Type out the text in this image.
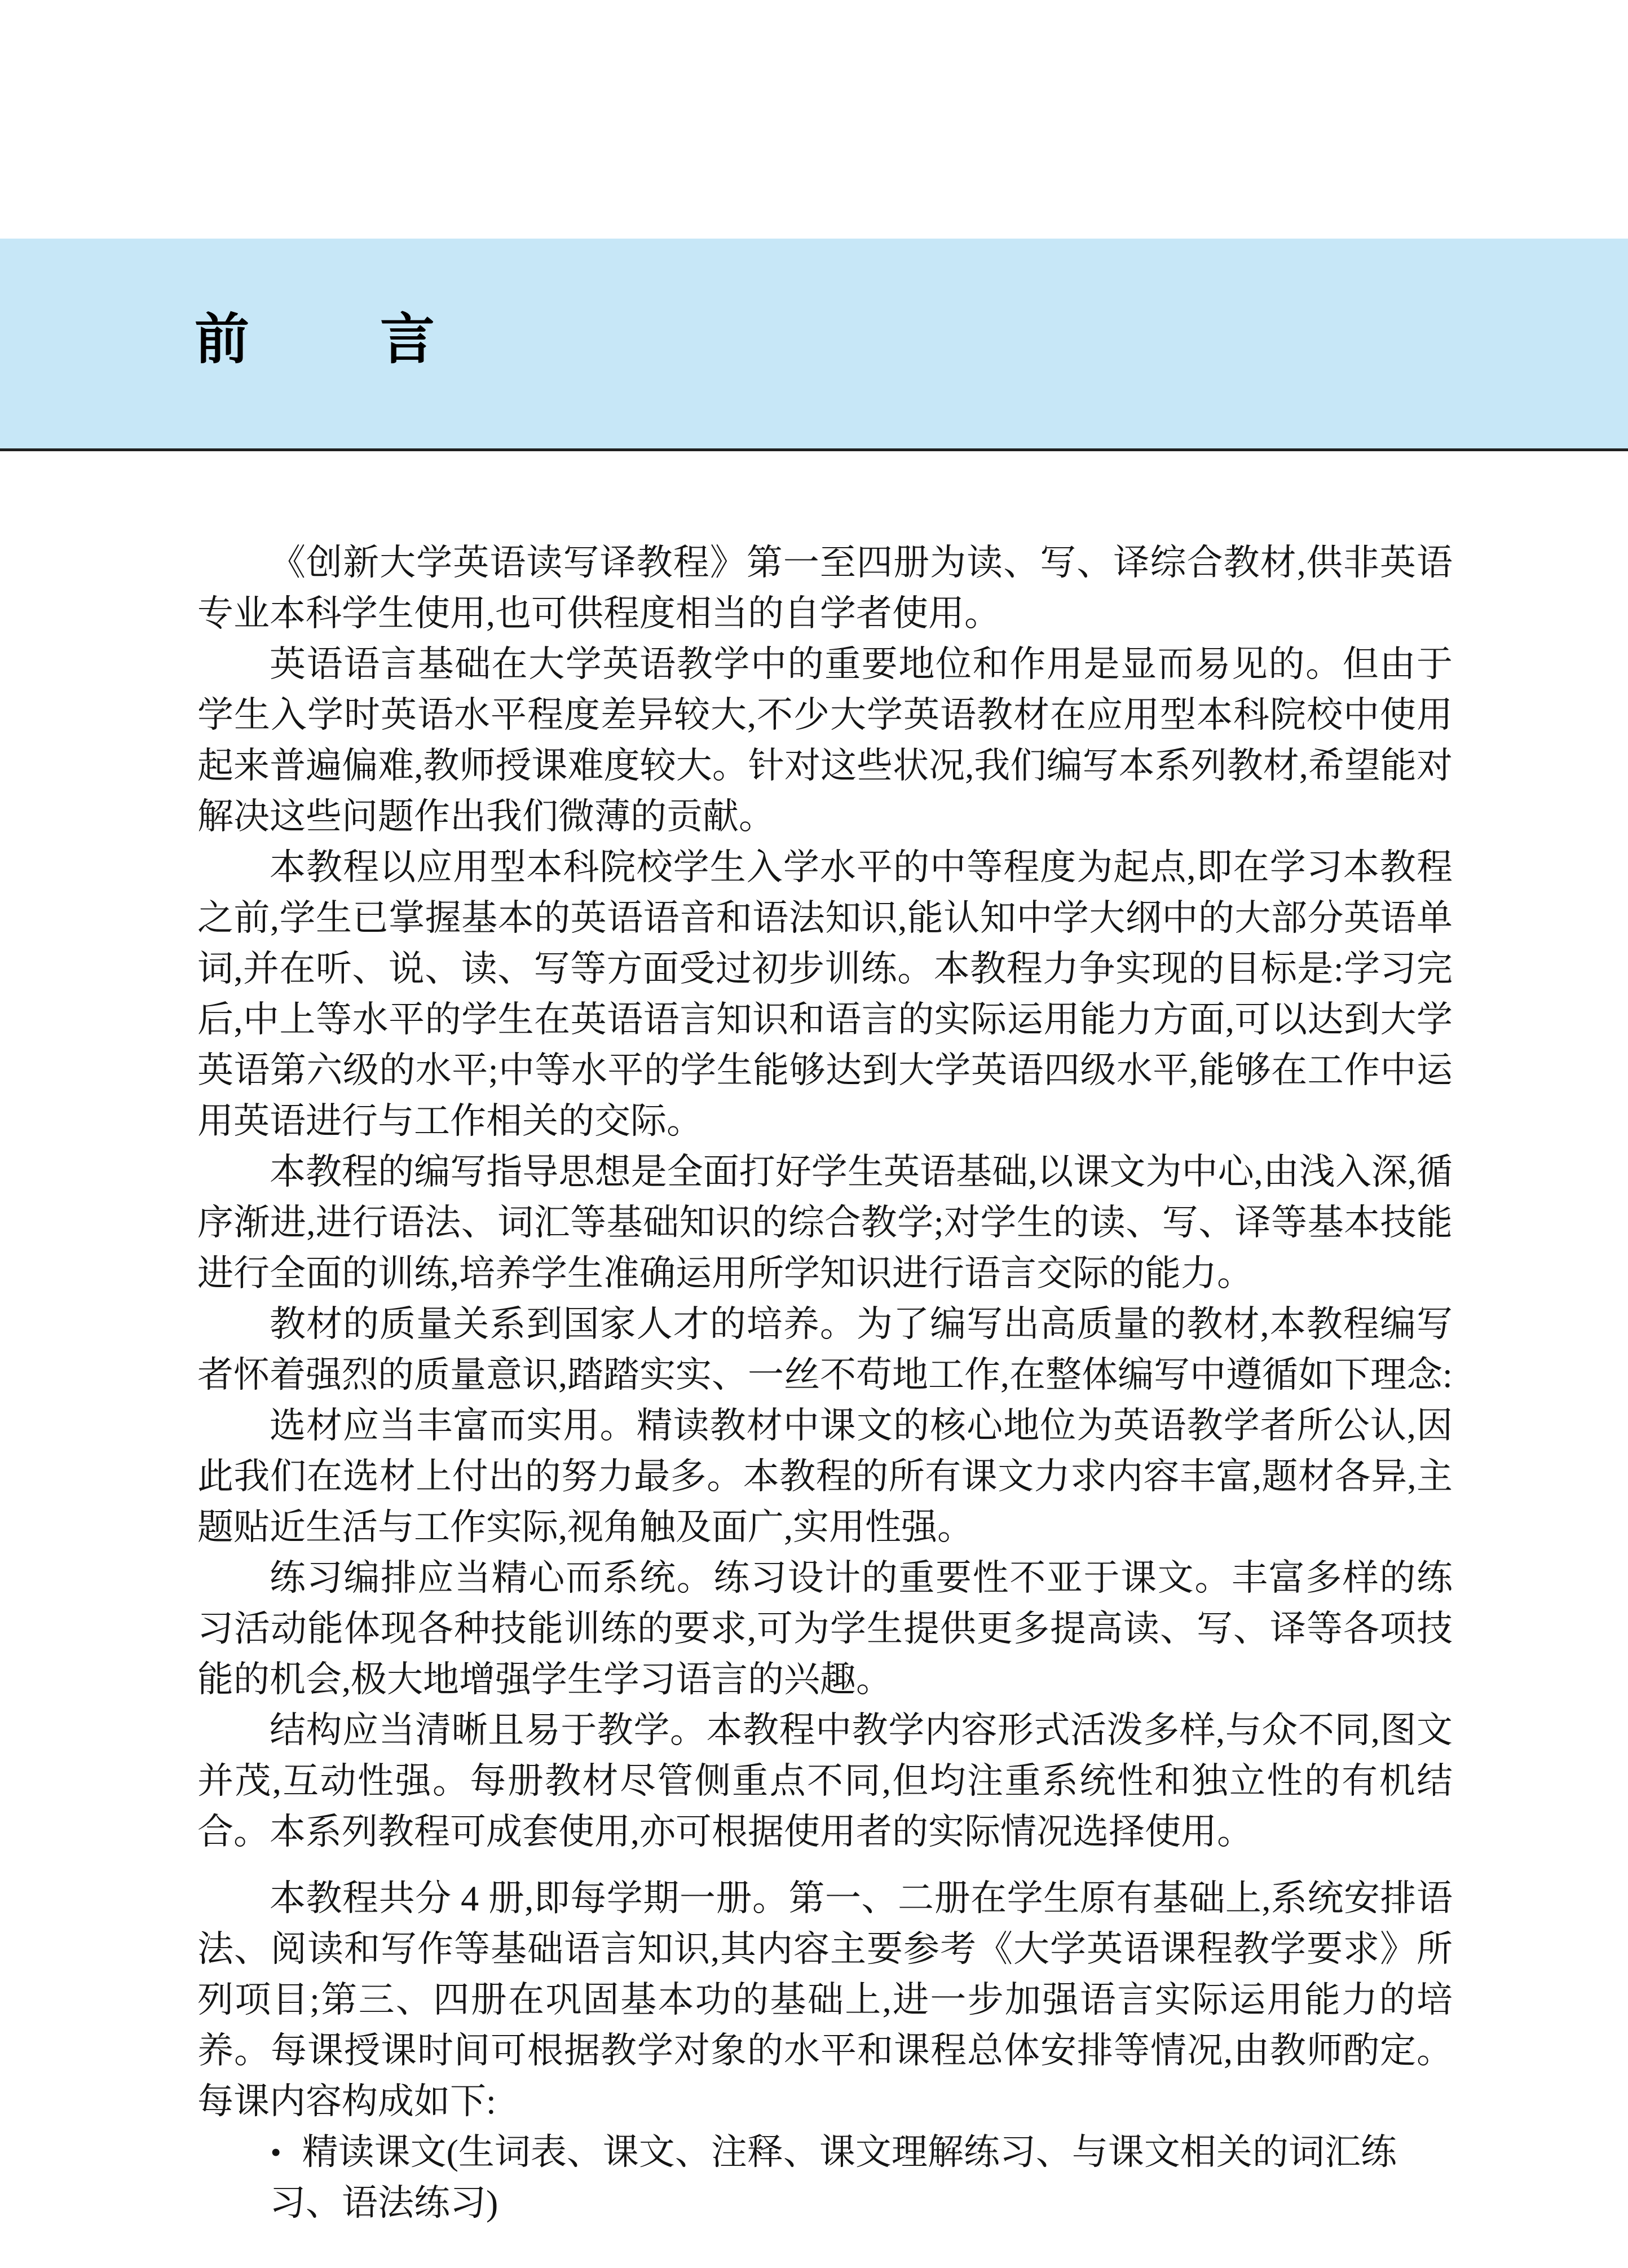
前 言

《创新大学英语读写译教程》第一至四册为读、写、译综合教材,供非英语专业本科学生使用,也可供程度相当的自学者使用。

英语语言基础在大学英语教学中的重要地位和作用是显而易见的。但由于学生入学时英语水平程度差异较大,不少大学英语教材在应用型本科院校中使用起来普遍偏难,教师授课难度较大。针对这些状况,我们编写本系列教材,希望能对解决这些问题作出我们微薄的贡献。

本教程以应用型本科院校学生入学水平的中等程度为起点,即在学习本教程之前,学生已掌握基本的英语语音和语法知识,能认知中学大纲中的大部分英语单词,并在听、说、读、写等方面受过初步训练。本教程力争实现的目标是:学习完后,中上等水平的学生在英语语言知识和语言的实际运用能力方面,可以达到大学英语第六级的水平;中等水平的学生能够达到大学英语四级水平,能够在工作中运用英语进行与工作相关的交际。

本教程的编写指导思想是全面打好学生英语基础,以课文为中心,由浅入深,循序渐进,进行语法、词汇等基础知识的综合教学;对学生的读、写、译等基本技能进行全面的训练,培养学生准确运用所学知识进行语言交际的能力。

教材的质量关系到国家人才的培养。为了编写出高质量的教材,本教程编写者怀着强烈的质量意识,踏踏实实、一丝不苟地工作,在整体编写中遵循如下理念:

选材应当丰富而实用。精读教材中课文的核心地位为英语教学者所公认,因此我们在选材上付出的努力最多。本教程的所有课文力求内容丰富,题材各异,主题贴近生活与工作实际,视角触及面广,实用性强。

练习编排应当精心而系统。练习设计的重要性不亚于课文。丰富多样的练习活动能体现各种技能训练的要求,可为学生提供更多提高读、写、译等各项技能的机会,极大地增强学生学习语言的兴趣。

结构应当清晰且易于教学。本教程中教学内容形式活泼多样,与众不同,图文并茂,互动性强。每册教材尽管侧重点不同,但均注重系统性和独立性的有机结合。本系列教程可成套使用,亦可根据使用者的实际情况选择使用。

本教程共分 4 册,即每学期一册。第一、二册在学生原有基础上,系统安排语法、阅读和写作等基础语言知识,其内容主要参考《大学英语课程教学要求》所列项目;第三、四册在巩固基本功的基础上,进一步加强语言实际运用能力的培养。每课授课时间可根据教学对象的水平和课程总体安排等情况,由教师酌定。每课内容构成如下:

• 精读课文(生词表、课文、注释、课文理解练习、与课文相关的词汇练习、语法练习)
